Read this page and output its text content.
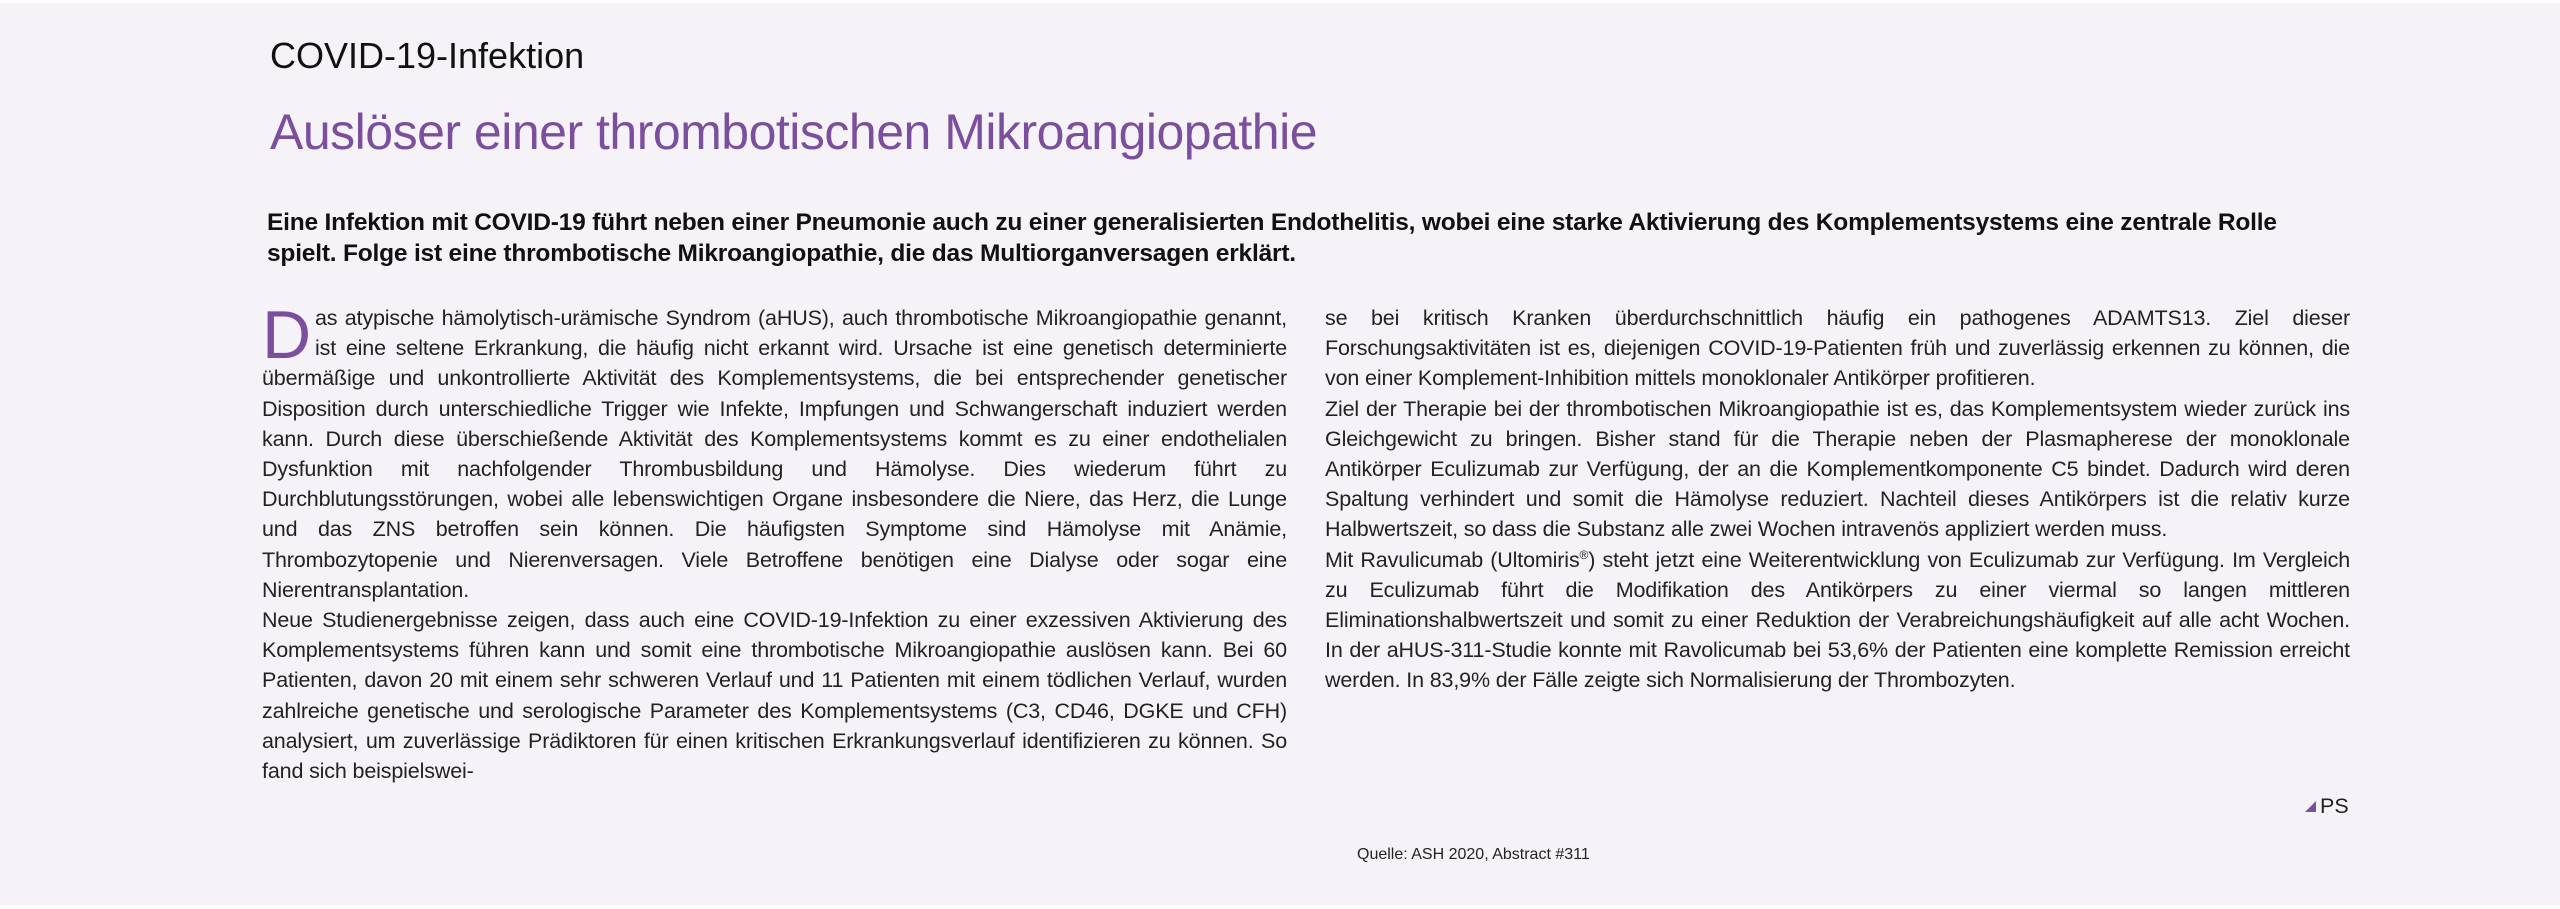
COVID-19-Infektion
Auslöser einer thrombotischen Mikroangiopathie

Eine Infektion mit COVID-19 führt neben einer Pneumonie auch zu einer generalisierten Endothelitis, wobei eine starke Aktivierung des Komplementsystems eine zentrale Rolle spielt. Folge ist eine thrombotische Mikroangiopathie, die das Multiorganversagen erklärt.

Das atypische hämolytisch-urämische Syndrom (aHUS), auch thrombotische Mikroangiopathie genannt, ist eine seltene Erkrankung, die häufig nicht erkannt wird. Ursache ist eine genetisch determinierte übermäßige und unkontrollierte Aktivität des Komplementsystems, die bei entsprechender genetischer Disposition durch unterschiedliche Trigger wie Infekte, Impfungen und Schwangerschaft induziert werden kann. Durch diese überschießende Aktivität des Komplementsystems kommt es zu einer endothelialen Dysfunktion mit nachfolgender Thrombusbildung und Hämolyse. Dies wiederum führt zu Durchblutungsstörungen, wobei alle lebenswichtigen Organe insbesondere die Niere, das Herz, die Lunge und das ZNS betroffen sein können. Die häufigsten Symptome sind Hämolyse mit Anämie, Thrombozytopenie und Nierenversagen. Viele Betroffene benötigen eine Dialyse oder sogar eine Nierentransplantation.

Neue Studienergebnisse zeigen, dass auch eine COVID-19-Infektion zu einer exzessiven Aktivierung des Komplementsystems führen kann und somit eine thrombotische Mikroangiopathie auslösen kann. Bei 60 Patienten, davon 20 mit einem sehr schweren Verlauf und 11 Patienten mit einem tödlichen Verlauf, wurden zahlreiche genetische und serologische Parameter des Komplementsystems (C3, CD46, DGKE und CFH) analysiert, um zuverlässige Prädiktoren für einen kritischen Erkrankungsverlauf identifizieren zu können. So fand sich beispielswei-

se bei kritisch Kranken überdurchschnittlich häufig ein pathogenes ADAMTS13. Ziel dieser Forschungsaktivitäten ist es, diejenigen COVID-19-Patienten früh und zuverlässig erkennen zu können, die von einer Komplement-Inhibition mittels monoklonaler Antikörper profitieren.

Ziel der Therapie bei der thrombotischen Mikroangiopathie ist es, das Komplementsystem wieder zurück ins Gleichgewicht zu bringen. Bisher stand für die Therapie neben der Plasmapherese der monoklonale Antikörper Eculizumab zur Verfügung, der an die Komplementkomponente C5 bindet. Dadurch wird deren Spaltung verhindert und somit die Hämolyse reduziert. Nachteil dieses Antikörpers ist die relativ kurze Halbwertszeit, so dass die Substanz alle zwei Wochen intravenös appliziert werden muss.

Mit Ravulicumab (Ultomiris®) steht jetzt eine Weiterentwicklung von Eculizumab zur Verfügung. Im Vergleich zu Eculizumab führt die Modifikation des Antikörpers zu einer viermal so langen mittleren Eliminationshalbwertszeit und somit zu einer Reduktion der Verabreichungshäufigkeit auf alle acht Wochen. In der aHUS-311-Studie konnte mit Ravolicumab bei 53,6% der Patienten eine komplette Remission erreicht werden. In 83,9% der Fälle zeigte sich Normalisierung der Thrombozyten.

PS
Quelle: ASH 2020, Abstract #311
